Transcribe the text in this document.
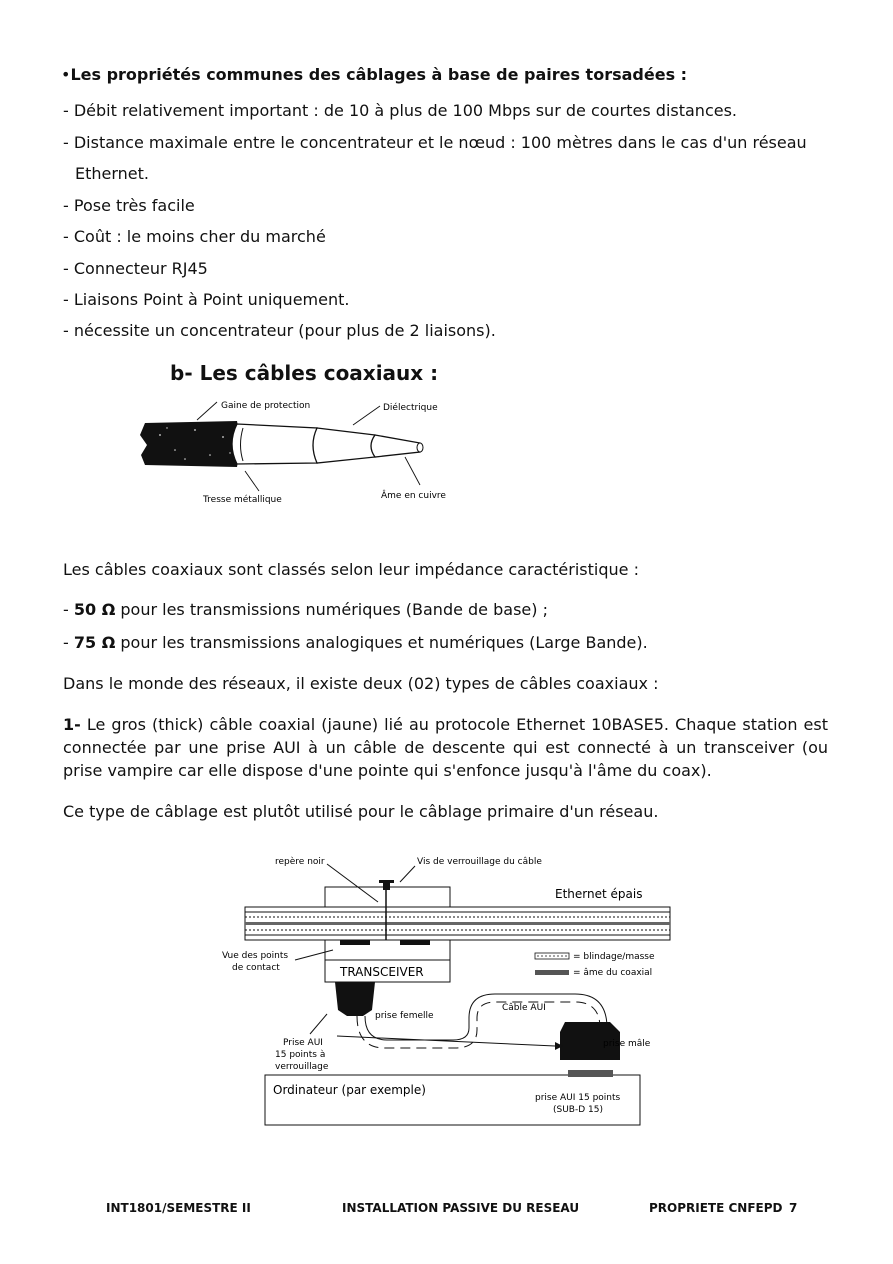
•Les propriétés communes des câblages à base de paires torsadées :
- Débit relativement important : de 10 à plus de 100 Mbps sur de courtes distances.
- Distance maximale entre le concentrateur et le nœud : 100 mètres dans le cas d'un réseau
Ethernet.
- Pose très facile
- Coût : le moins cher du marché
- Connecteur RJ45
- Liaisons Point à Point uniquement.
- nécessite un concentrateur (pour plus de 2 liaisons).
b- Les câbles coaxiaux :
Gaine de protection	Diélectrique
Tresse métallique	Âme en cuivre
Les câbles coaxiaux sont classés selon leur impédance caractéristique :
- 50 Ω pour les transmissions numériques (Bande de base) ;
- 75 Ω pour les transmissions analogiques et numériques (Large Bande).
Dans le monde des réseaux, il existe deux (02) types de câbles coaxiaux :
1- Le gros (thick) câble coaxial (jaune) lié au protocole Ethernet 10BASE5. Chaque station est connectée par une prise AUI à un câble de descente qui est connecté à un transceiver (ou prise vampire car elle dispose d'une pointe qui s'enfonce jusqu'à l'âme du coax).
Ce type de câblage est plutôt utilisé pour le câblage primaire d'un réseau.
TRANSCEIVER
Ordinateur (par exemple)
prise AUI 15 points
(SUB-D 15)
repère noir	Vis de verrouillage du câble
Ethernet épais
Vue des points
de contact
= blindage/masse
= âme du coaxial
prise femelle
Câble AUI
prise mâle
Prise AUI
15 points à
verrouillage
INT1801/SEMESTRE II	INSTALLATION PASSIVE DU RESEAU	PROPRIETE CNFEPD 7
